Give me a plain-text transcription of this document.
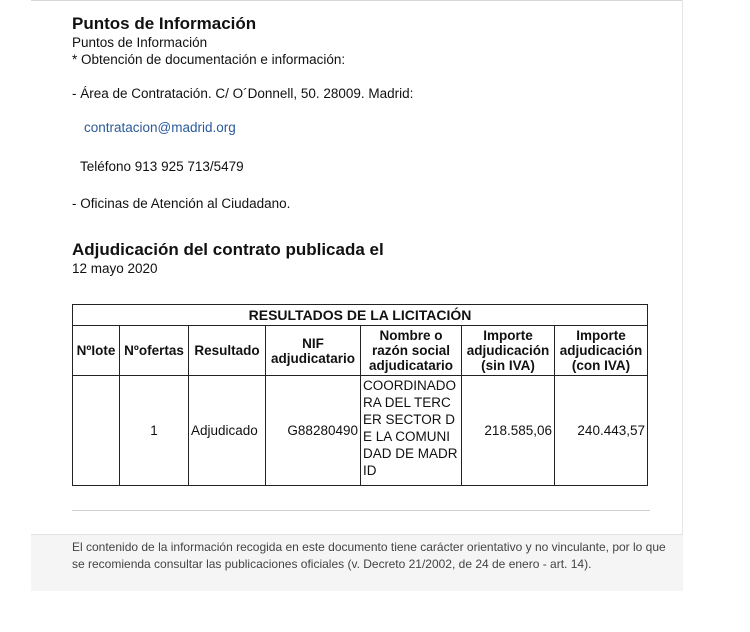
Puntos de Información

Puntos de Información

* Obtención de documentación e información:

- Área de Contratación. C/ O´Donnell, 50. 28009. Madrid:

contratacion@madrid.org

Teléfono 913 925 713/5479

- Oficinas de Atención al Ciudadano.

Adjudicación del contrato publicada el

12 mayo 2020

RESULTADOS DE LA LICITACIÓN						
NºIote	Nºofertas	Resultado	NIF adjudicatario	Nombre o razón social adjudicatario	Importe adjudicación (sin IVA)	Importe adjudicación (con IVA)
	1	Adjudicado	G88280490	COORDINADORA DEL TERCER SECTOR DE LA COMUNIDAD DE MADRID	218.585,06	240.443,57

El contenido de la información recogida en este documento tiene carácter orientativo y no vinculante, por lo que se recomienda consultar las publicaciones oficiales (v. Decreto 21/2002, de 24 de enero - art. 14).
